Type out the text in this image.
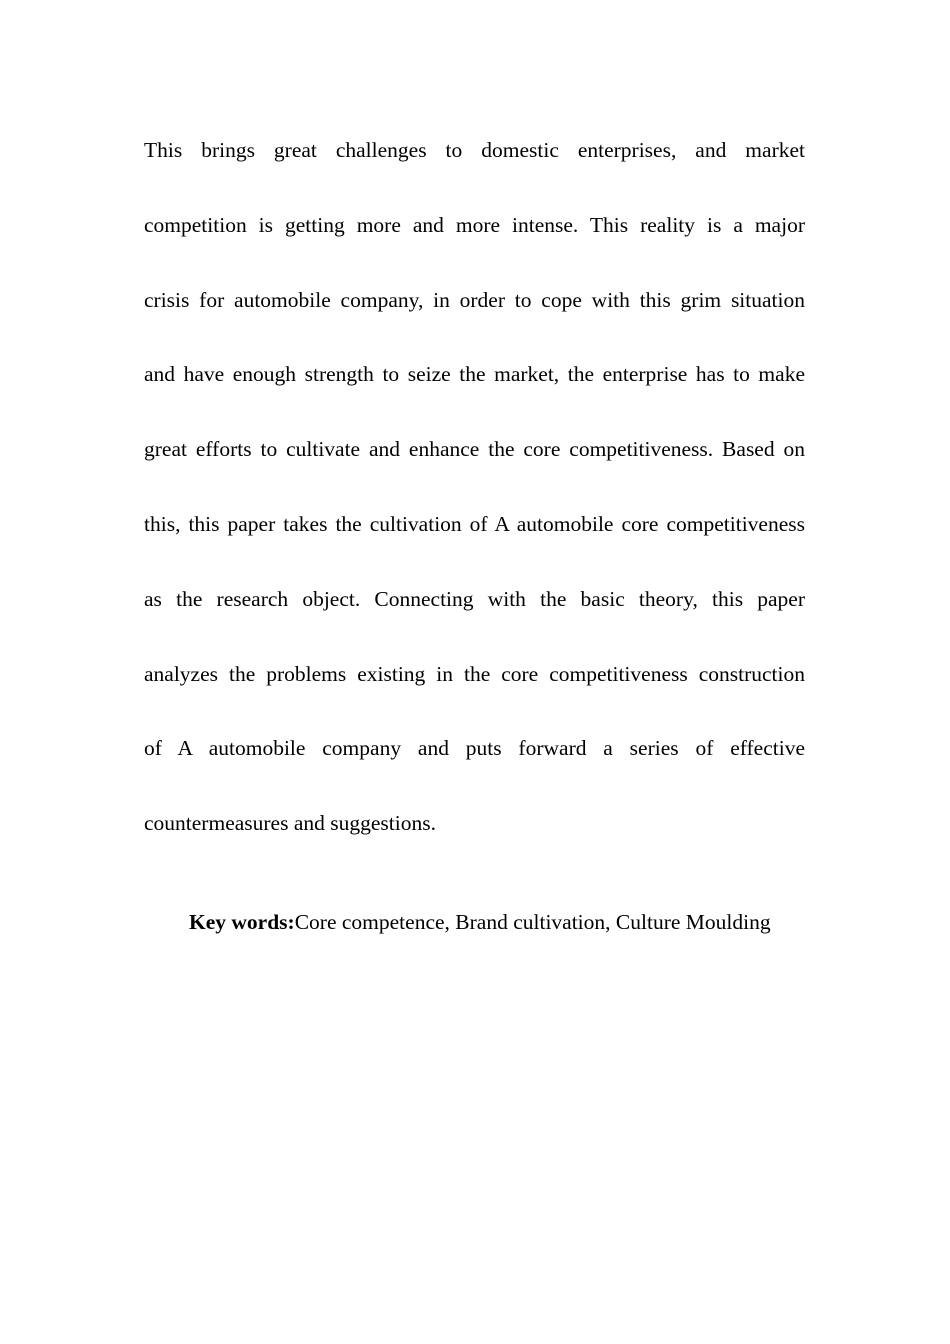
This brings great challenges to domestic enterprises, and market
competition is getting more and more intense. This reality is a major
crisis for automobile company, in order to cope with this grim situation
and have enough strength to seize the market, the enterprise has to make
great efforts to cultivate and enhance the core competitiveness. Based on
this, this paper takes the cultivation of A automobile core competitiveness
as the research object. Connecting with the basic theory, this paper
analyzes the problems existing in the core competitiveness construction
of A automobile company and puts forward a series of effective
countermeasures and suggestions.
Key words:Core competence, Brand cultivation, Culture Moulding
